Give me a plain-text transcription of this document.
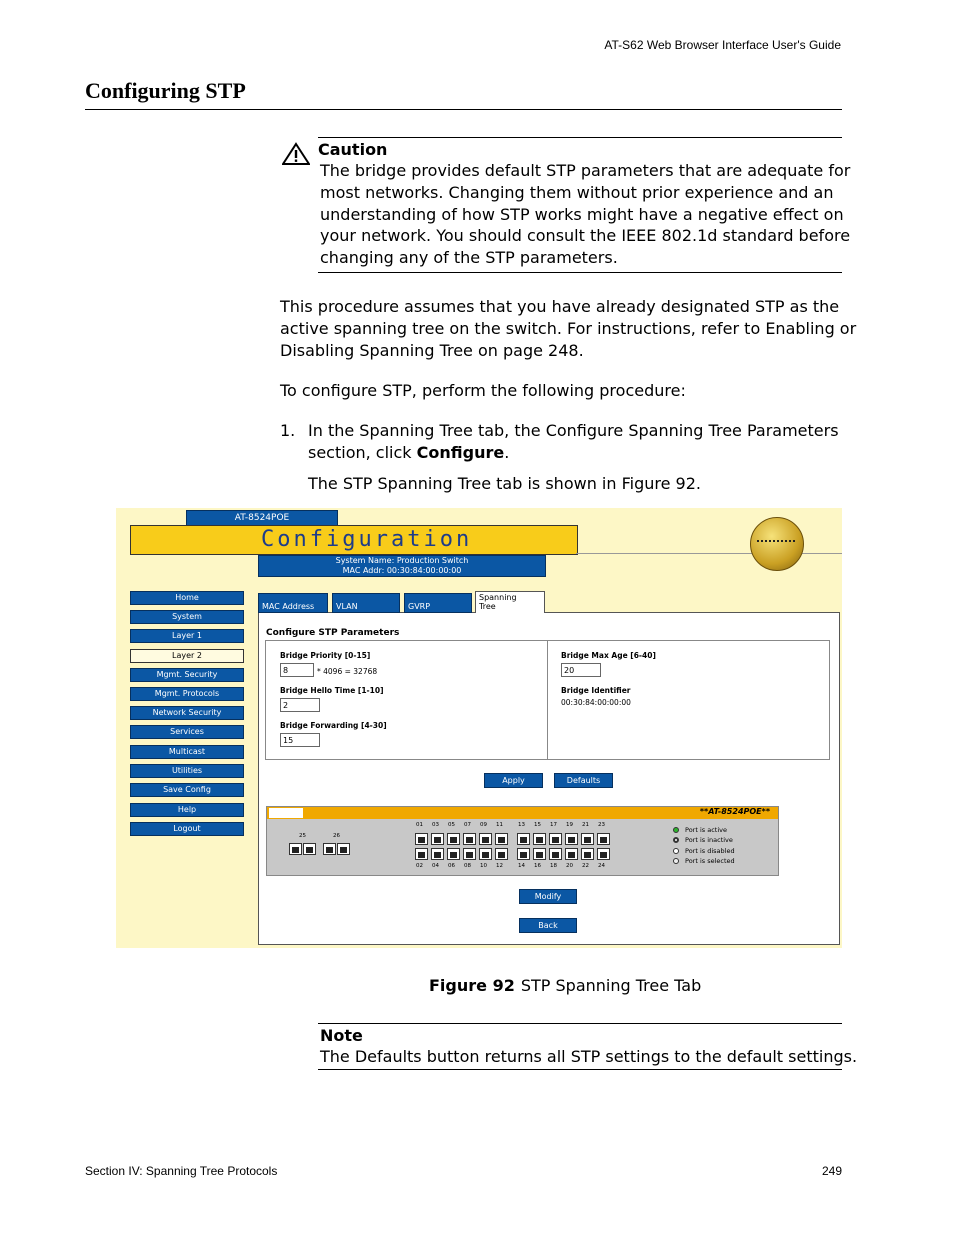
AT-S62 Web Browser Interface User's Guide
Configuring STP
Caution
The bridge provides default STP parameters that are adequate for
most networks. Changing them without prior experience and an
understanding of how STP works might have a negative effect on
your network. You should consult the IEEE 802.1d standard before
changing any of the STP parameters.
This procedure assumes that you have already designated STP as the
active spanning tree on the switch. For instructions, refer to Enabling or
Disabling Spanning Tree on page 248.
To configure STP, perform the following procedure:
1. In the Spanning Tree tab, the Configure Spanning Tree Parameters
section, click Configure.
The STP Spanning Tree tab is shown in Figure 92.
AT-8524POE
Configuration
System Name: Production Switch
MAC Addr: 00:30:84:00:00:00
Home
System
Layer 1
Layer 2
Mgmt. Security
Mgmt. Protocols
Network Security
Services
Multicast
Utilities
Save Config
Help
Logout
MAC Address	VLAN	GVRP
Spanning
Tree
Configure STP Parameters
Bridge Priority [0-15]
8	* 4096 = 32768
Bridge Hello Time [1-10]
2
Bridge Forwarding [4-30]
15
Bridge Max Age [6-40]
20
Bridge Identifier
00:30:84:00:00:00
Apply	Defaults
**AT-8524POE**
25	26
01
02
03
04
05
06
07
08
09
10
11
12
13
14
15
16
17
18
19
20
21
22
23
24
Port is active
Port is inactive
Port is disabled
Port is selected
Modify
Back
Figure 92 STP Spanning Tree Tab
Note
The Defaults button returns all STP settings to the default settings.
Section IV: Spanning Tree Protocols	249
